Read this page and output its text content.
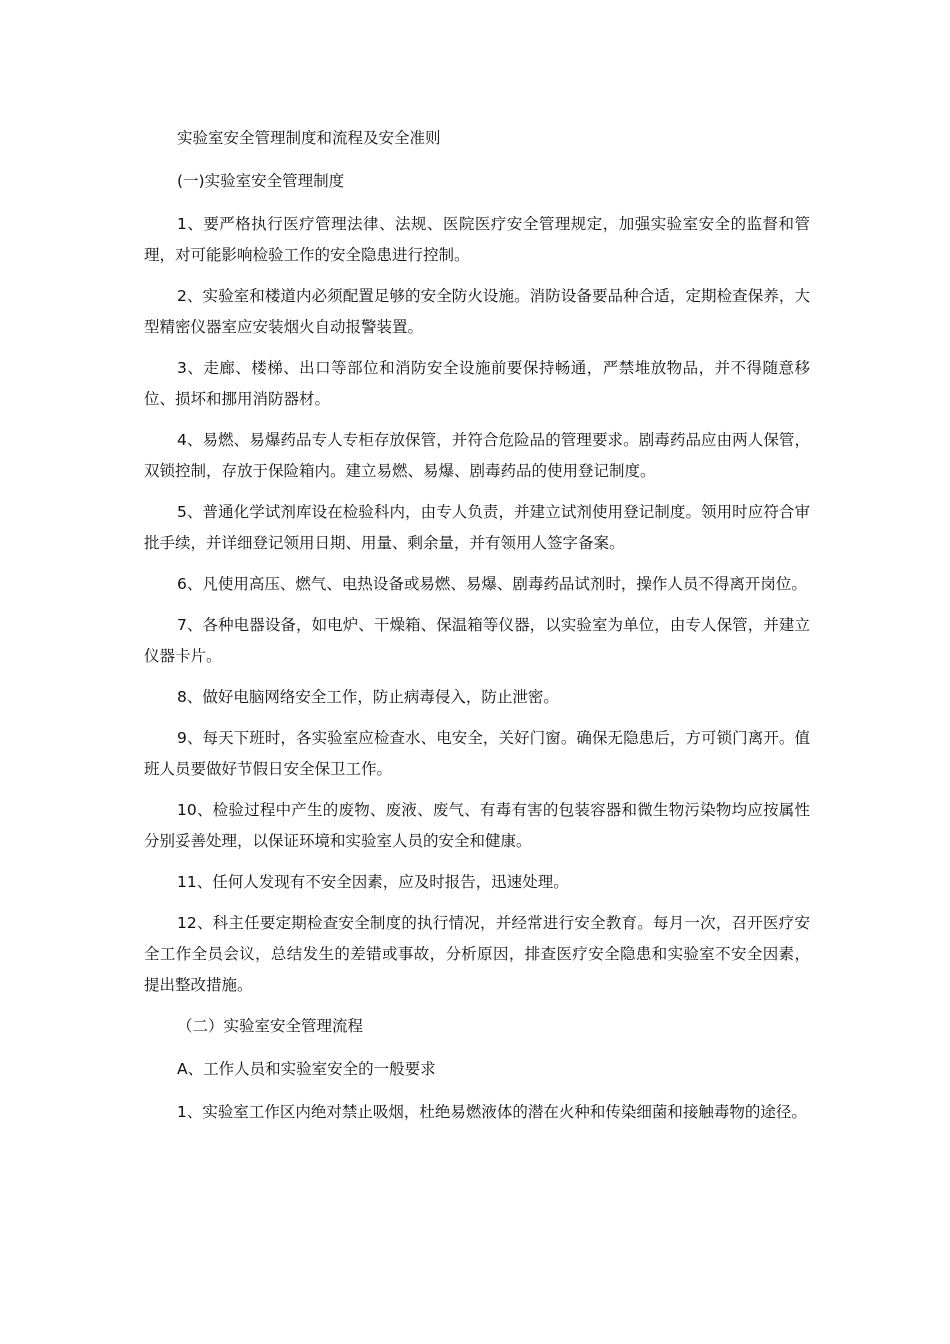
实验室安全管理制度和流程及安全准则

(一)实验室安全管理制度

1、要严格执行医疗管理法律、法规、医院医疗安全管理规定，加强实验室安全的监督和管理，对可能影响检验工作的安全隐患进行控制。

2、实验室和楼道内必须配置足够的安全防火设施。消防设备要品种合适，定期检查保养，大型精密仪器室应安装烟火自动报警装置。

3、走廊、楼梯、出口等部位和消防安全设施前要保持畅通，严禁堆放物品，并不得随意移位、损坏和挪用消防器材。

4、易燃、易爆药品专人专柜存放保管，并符合危险品的管理要求。剧毒药品应由两人保管，双锁控制，存放于保险箱内。建立易燃、易爆、剧毒药品的使用登记制度。

5、普通化学试剂库设在检验科内，由专人负责，并建立试剂使用登记制度。领用时应符合审批手续，并详细登记领用日期、用量、剩余量，并有领用人签字备案。

6、凡使用高压、燃气、电热设备或易燃、易爆、剧毒药品试剂时，操作人员不得离开岗位。

7、各种电器设备，如电炉、干燥箱、保温箱等仪器，以实验室为单位，由专人保管，并建立仪器卡片。

8、做好电脑网络安全工作，防止病毒侵入，防止泄密。

9、每天下班时，各实验室应检查水、电安全，关好门窗。确保无隐患后，方可锁门离开。值班人员要做好节假日安全保卫工作。

10、检验过程中产生的废物、废液、废气、有毒有害的包装容器和微生物污染物均应按属性分别妥善处理，以保证环境和实验室人员的安全和健康。

11、任何人发现有不安全因素，应及时报告，迅速处理。

12、科主任要定期检查安全制度的执行情况，并经常进行安全教育。每月一次，召开医疗安全工作全员会议，总结发生的差错或事故，分析原因，排查医疗安全隐患和实验室不安全因素，提出整改措施。

（二）实验室安全管理流程

A、工作人员和实验室安全的一般要求

1、实验室工作区内绝对禁止吸烟，杜绝易燃液体的潜在火种和传染细菌和接触毒物的途径。
